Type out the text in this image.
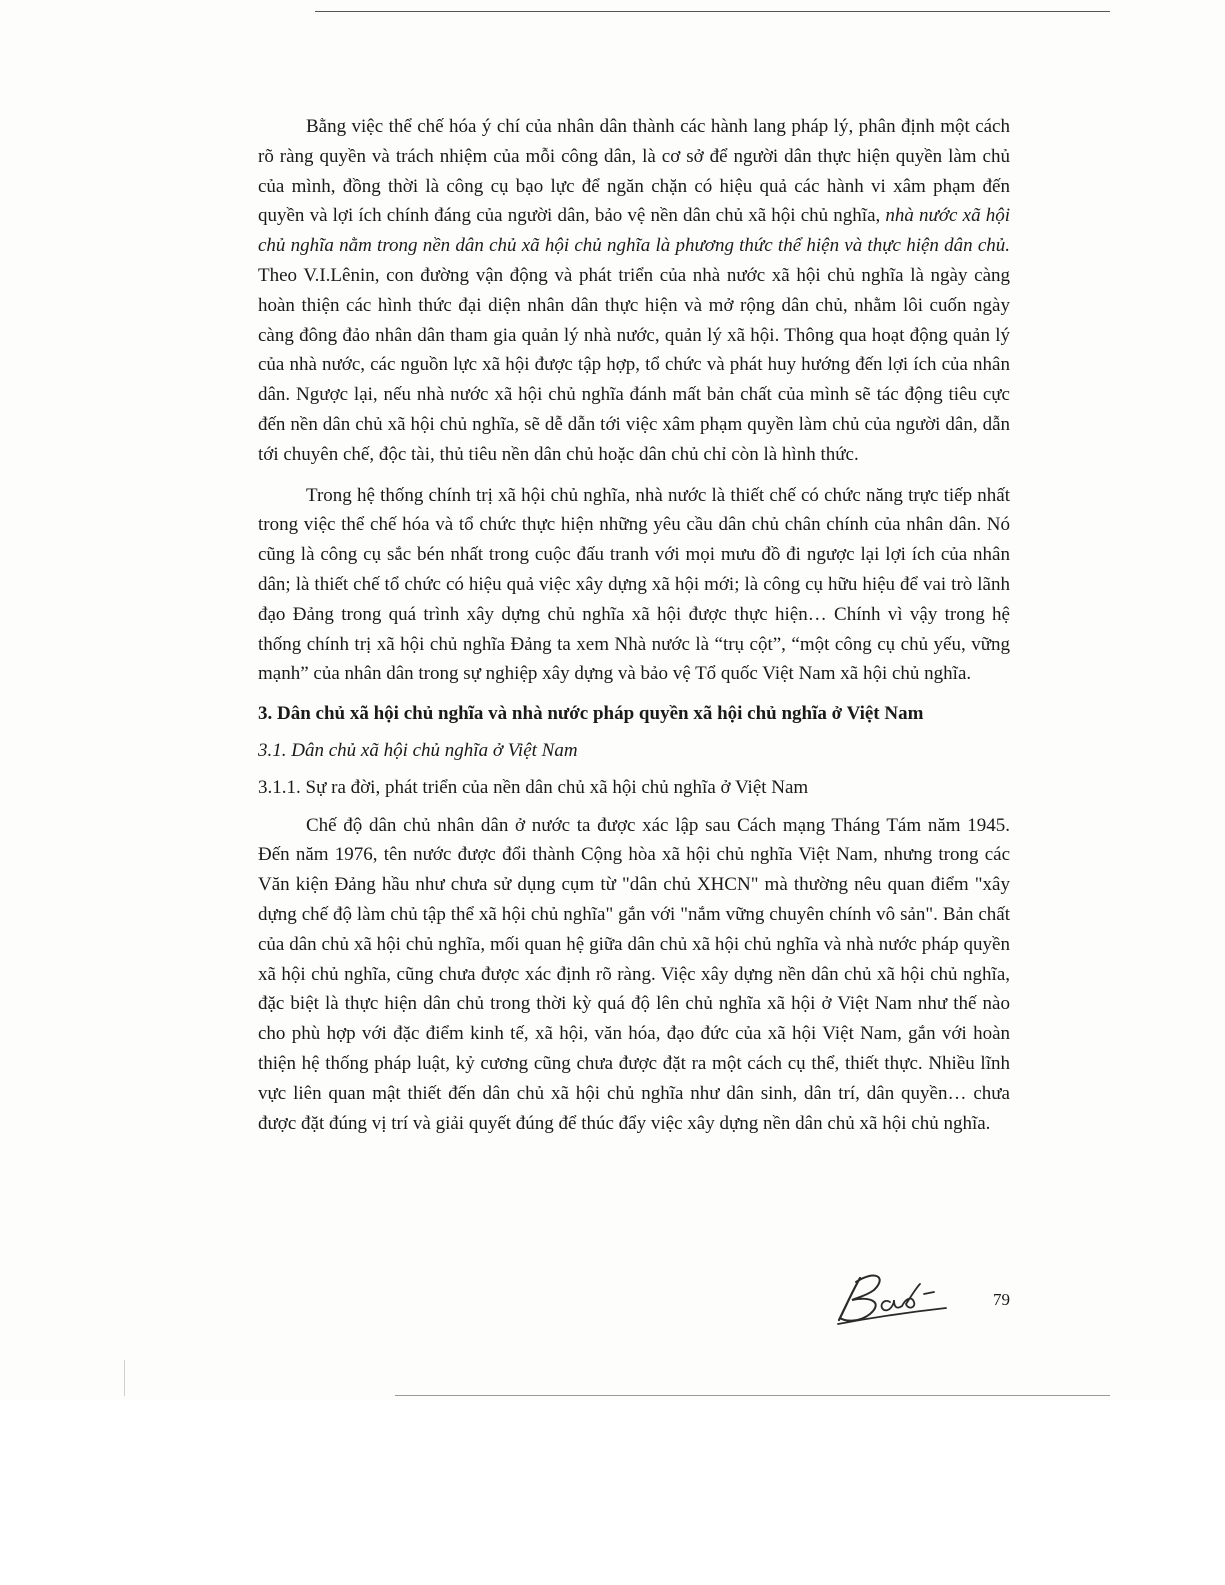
Bằng việc thể chế hóa ý chí của nhân dân thành các hành lang pháp lý, phân định một cách rõ ràng quyền và trách nhiệm của mỗi công dân, là cơ sở để người dân thực hiện quyền làm chủ của mình, đồng thời là công cụ bạo lực để ngăn chặn có hiệu quả các hành vi xâm phạm đến quyền và lợi ích chính đáng của người dân, bảo vệ nền dân chủ xã hội chủ nghĩa, nhà nước xã hội chủ nghĩa nằm trong nền dân chủ xã hội chủ nghĩa là phương thức thể hiện và thực hiện dân chủ. Theo V.I.Lênin, con đường vận động và phát triển của nhà nước xã hội chủ nghĩa là ngày càng hoàn thiện các hình thức đại diện nhân dân thực hiện và mở rộng dân chủ, nhằm lôi cuốn ngày càng đông đảo nhân dân tham gia quản lý nhà nước, quản lý xã hội. Thông qua hoạt động quản lý của nhà nước, các nguồn lực xã hội được tập hợp, tổ chức và phát huy hướng đến lợi ích của nhân dân. Ngược lại, nếu nhà nước xã hội chủ nghĩa đánh mất bản chất của mình sẽ tác động tiêu cực đến nền dân chủ xã hội chủ nghĩa, sẽ dễ dẫn tới việc xâm phạm quyền làm chủ của người dân, dẫn tới chuyên chế, độc tài, thủ tiêu nền dân chủ hoặc dân chủ chỉ còn là hình thức.

Trong hệ thống chính trị xã hội chủ nghĩa, nhà nước là thiết chế có chức năng trực tiếp nhất trong việc thể chế hóa và tổ chức thực hiện những yêu cầu dân chủ chân chính của nhân dân. Nó cũng là công cụ sắc bén nhất trong cuộc đấu tranh với mọi mưu đồ đi ngược lại lợi ích của nhân dân; là thiết chế tổ chức có hiệu quả việc xây dựng xã hội mới; là công cụ hữu hiệu để vai trò lãnh đạo Đảng trong quá trình xây dựng chủ nghĩa xã hội được thực hiện… Chính vì vậy trong hệ thống chính trị xã hội chủ nghĩa Đảng ta xem Nhà nước là “trụ cột”, “một công cụ chủ yếu, vững mạnh” của nhân dân trong sự nghiệp xây dựng và bảo vệ Tổ quốc Việt Nam xã hội chủ nghĩa.

3. Dân chủ xã hội chủ nghĩa và nhà nước pháp quyền xã hội chủ nghĩa ở Việt Nam

3.1. Dân chủ xã hội chủ nghĩa ở Việt Nam

3.1.1. Sự ra đời, phát triển của nền dân chủ xã hội chủ nghĩa ở Việt Nam

Chế độ dân chủ nhân dân ở nước ta được xác lập sau Cách mạng Tháng Tám năm 1945. Đến năm 1976, tên nước được đổi thành Cộng hòa xã hội chủ nghĩa Việt Nam, nhưng trong các Văn kiện Đảng hầu như chưa sử dụng cụm từ "dân chủ XHCN" mà thường nêu quan điểm "xây dựng chế độ làm chủ tập thể xã hội chủ nghĩa" gắn với "nắm vững chuyên chính vô sản". Bản chất của dân chủ xã hội chủ nghĩa, mối quan hệ giữa dân chủ xã hội chủ nghĩa và nhà nước pháp quyền xã hội chủ nghĩa, cũng chưa được xác định rõ ràng. Việc xây dựng nền dân chủ xã hội chủ nghĩa, đặc biệt là thực hiện dân chủ trong thời kỳ quá độ lên chủ nghĩa xã hội ở Việt Nam như thế nào cho phù hợp với đặc điểm kinh tế, xã hội, văn hóa, đạo đức của xã hội Việt Nam, gắn với hoàn thiện hệ thống pháp luật, kỷ cương cũng chưa được đặt ra một cách cụ thể, thiết thực. Nhiều lĩnh vực liên quan mật thiết đến dân chủ xã hội chủ nghĩa như dân sinh, dân trí, dân quyền… chưa được đặt đúng vị trí và giải quyết đúng để thúc đẩy việc xây dựng nền dân chủ xã hội chủ nghĩa.

79
